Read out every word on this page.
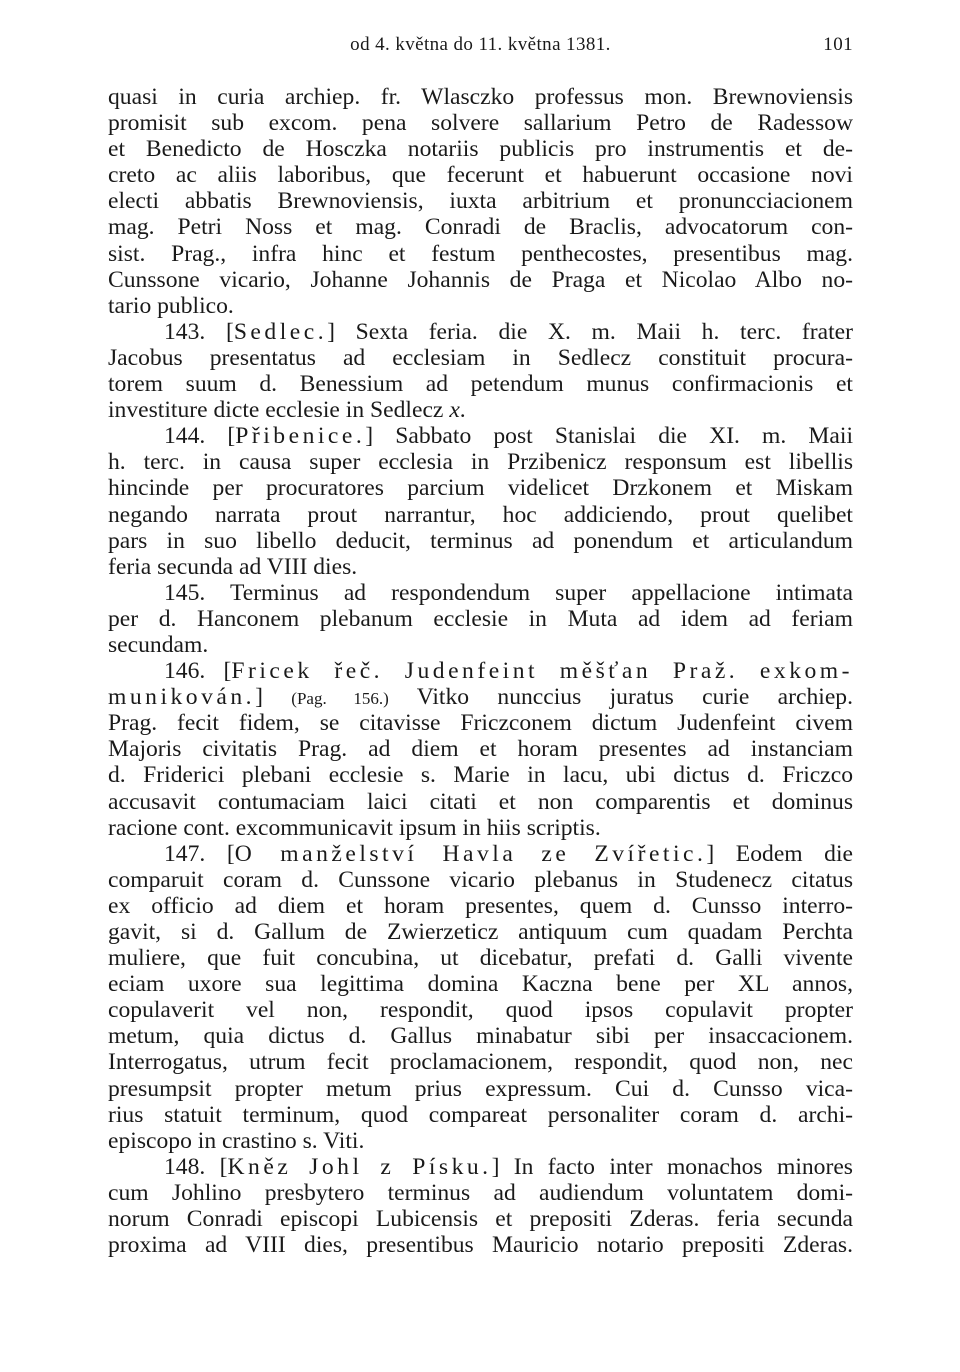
od 4. května do 11. května 1381.	101
quasi in curia archiep. fr. Wlasczko professus mon. Brewnoviensis
promisit sub excom. pena solvere sallarium Petro de Radessow
et Benedicto de Hosczka notariis publicis pro instrumentis et de-
creto ac aliis laboribus, que fecerunt et habuerunt occasione novi
electi abbatis Brewnoviensis, iuxta arbitrium et pronuncciacionem
mag. Petri Noss et mag. Conradi de Braclis, advocatorum con-
sist. Prag., infra hinc et festum penthecostes, presentibus mag.
Cunssone vicario, Johanne Johannis de Praga et Nicolao Albo no-
tario publico.
143. [Sedlec.] Sexta feria. die X. m. Maii h. terc. frater
Jacobus presentatus ad ecclesiam in Sedlecz constituit procura-
torem suum d. Benessium ad petendum munus confirmacionis et
investiture dicte ecclesie in Sedlecz x.
144. [Přibenice.] Sabbato post Stanislai die XI. m. Maii
h. terc. in causa super ecclesia in Przibenicz responsum est libellis
hincinde per procuratores parcium videlicet Drzkonem et Miskam
negando narrata prout narrantur, hoc addiciendo, prout quelibet
pars in suo libello deducit, terminus ad ponendum et articulandum
feria secunda ad VIII dies.
145. Terminus ad respondendum super appellacione intimata
per d. Hanconem plebanum ecclesie in Muta ad idem ad feriam
secundam.
146. [Fricek řeč. Judenfeint měšťan Prаž. exkom-
munikován.] (Pag. 156.) Vitko nunccius juratus curie archiep.
Prag. fecit fidem, se citavisse Friczconem dictum Judenfeint civem
Majoris civitatis Prag. ad diem et horam presentes ad instanciam
d. Friderici plebani ecclesie s. Marie in lacu, ubi dictus d. Friczco
accusavit contumaciam laici citati et non comparentis et dominus
racione cont. excommunicavit ipsum in hiis scriptis.
147. [O manželství Havla ze Zvířetic.] Eodem die
comparuit coram d. Cunssone vicario plebanus in Studenecz citatus
ex officio ad diem et horam presentes, quem d. Cunsso interro-
gavit, si d. Gallum de Zwierzeticz antiquum cum quadam Perchta
muliere, que fuit concubina, ut dicebatur, prefati d. Galli vivente
eciam uxore sua legittima domina Kaczna bene per XL annos,
copulaverit vel non, respondit, quod ipsos copulavit propter
metum, quia dictus d. Gallus minabatur sibi per insaccacionem.
Interrogatus, utrum fecit proclamacionem, respondit, quod non, nec
presumpsit propter metum prius expressum. Cui d. Cunsso vica-
rius statuit terminum, quod compareat personaliter coram d. archi-
episcopo in crastino s. Viti.
148. [Kněz Johl z Písku.] In facto inter monachos minores
cum Johlino presbytero terminus ad audiendum voluntatem domi-
norum Conradi episcopi Lubicensis et prepositi Zderas. feria secunda
proxima ad VIII dies, presentibus Mauricio notario prepositi Zderas.
